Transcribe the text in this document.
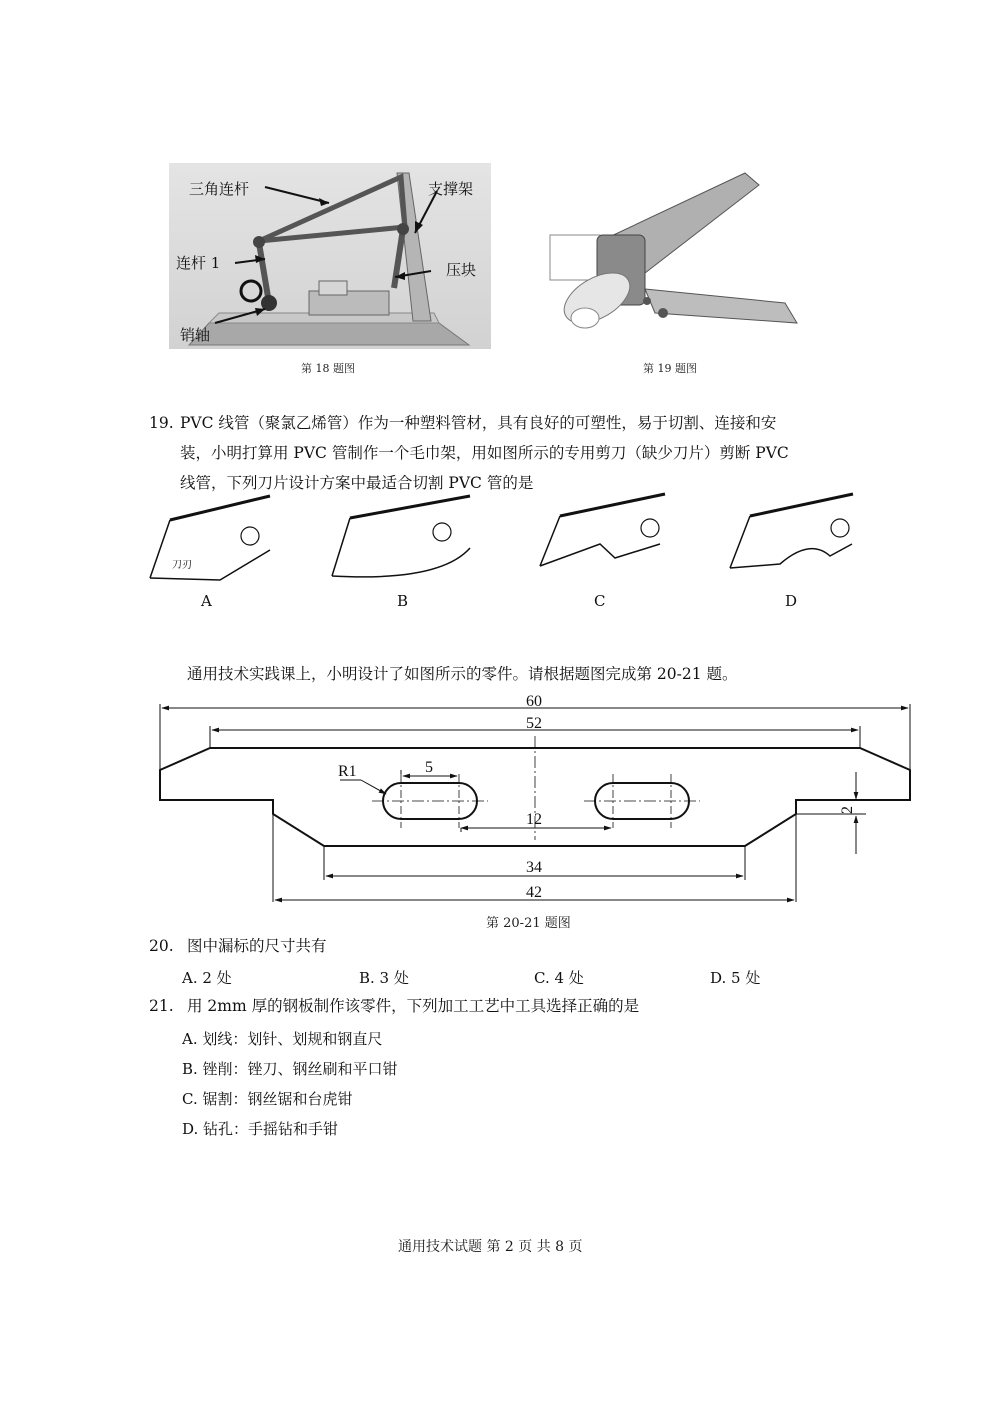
三角连杆	支撑架
连杆 1	压块
销轴
第 18 题图	第 19 题图
19. PVC 线管（聚氯乙烯管）作为一种塑料管材，具有良好的可塑性，易于切割、连接和安
装，小明打算用 PVC 管制作一个毛巾架，用如图所示的专用剪刀（缺少刀片）剪断 PVC
线管，下列刀片设计方案中最适合切割 PVC 管的是
刀刃
A	B	C	D
通用技术实践课上，小明设计了如图所示的零件。请根据题图完成第 20-21 题。
60
52
R1	5
12
2
34
42
第 20-21 题图
20. 图中漏标的尺寸共有
A. 2 处	B. 3 处	C. 4 处	D. 5 处
21. 用 2mm 厚的钢板制作该零件，下列加工工艺中工具选择正确的是
A. 划线：划针、划规和钢直尺
B. 锉削：锉刀、钢丝刷和平口钳
C. 锯割：钢丝锯和台虎钳
D. 钻孔：手摇钻和手钳
通用技术试题 第 2 页 共 8 页
